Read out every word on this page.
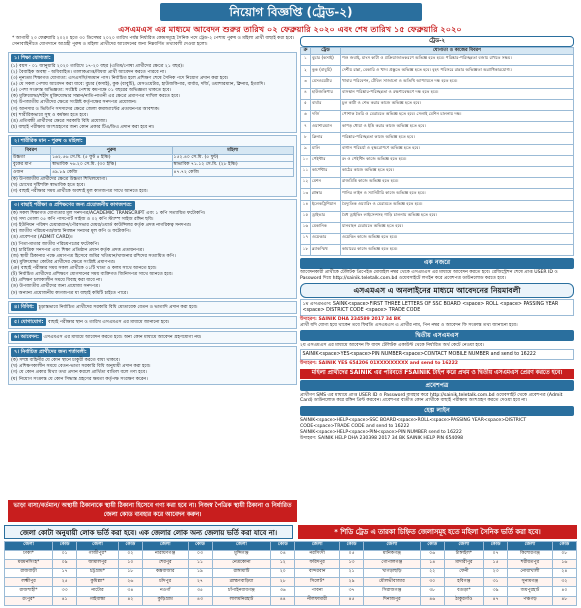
নিয়োগ বিজ্ঞপ্তি (ট্রেড-২)
এসএমএস এর মাধ্যমে আবেদন শুরুর তারিখ ০২ ফেব্রুয়ারি ২০২০ এবং শেষ তারিখ ১৫ ফেব্রুয়ারি ২০২০
* আগামী ২৩ ফেব্রুয়ারি ২০২০ হতে ৩০ ডিসেম্বর ২০২০ তারিখ পর্যন্ত নির্ধারিত কেন্দ্রসমূহে সৈনিক পদে ট্রেড-২ পেশায় পুরুষ ও মহিলা প্রার্থী বাছাই করা হবে। সেনাবাহিনীতে যোগদানে আগ্রহী পুরুষ ও মহিলা প্রার্থীদের আবেদনের জন্য নিম্নবর্ণিত তথ্যাবলী দেওয়া হলো।
১। শিক্ষা যোগ্যতা:
(১) বয়স - ০১ জানুয়ারি ২০২০ তারিখে ১৭-২০ বছর (এতিম/পোষ্য প্রার্থীদের ক্ষেত্রে ২১ বছর)।
(২) বৈবাহিক অবস্থা - অবিবাহিত। তালাকপ্রাপ্ত/বিধবা প্রার্থী আবেদন করতে পারবে না।
(৩) নূন্যতম শিক্ষাগত যোগ্যতা: এসএসসি/সমমান পাস। নির্বাচিত হলে প্রশিক্ষণ শেষে সৈনিক পদে নিয়োগ প্রদান করা হবে।
(৪) যে সকল পেশায় আবেদন করা যাবে: বুচার (কসাই), কুক (বাবুর্চি), মেসওয়েটার, হাউজকিপার, বার্বার, দর্জি, ওয়াশারম্যান, ক্লিনার, ইত্যাদি।
(৫) পেশা সংক্রান্ত অভিজ্ঞতা: সংশ্লিষ্ট পেশায় কমপক্ষে ০১ বছরের অভিজ্ঞতা থাকতে হবে।
(ক) মুক্তিযোদ্ধা/শহীদ মুক্তিযোদ্ধার সন্তান/নাতি-নাতনী এর ক্ষেত্রে প্রমাণপত্র দাখিল করতে হবে।
(খ) উপজাতীয় প্রার্থীদের ক্ষেত্রে সংশ্লিষ্ট কর্তৃপক্ষের সনদপত্র প্রয়োজন।
(গ) আনসার ও ভিডিপি সদস্যদের ক্ষেত্রে জেলা কমান্ড্যান্টের প্রত্যয়নপত্র আবশ্যক।
(ঘ) শারীরিকভাবে সুস্থ ও কর্মক্ষম হতে হবে।
(ঙ) প্রতিবন্ধী প্রার্থীদের ক্ষেত্রে সরকারি বিধি প্রযোজ্য।
(চ) বাছাই পরীক্ষায় অংশগ্রহণের জন্য কোন প্রকার টিএ/ডিএ প্রদান করা হবে না।
২। শারীরিক মান - পুরুষ ও মহিলা:
বিবরণ	পুরুষ	মহিলা
উচ্চতা	১৬২.৫৬ সে.মি. (৫ ফুট ৪ ইঞ্চি)	১৫২.৪০ সে.মি. (৫ ফুট)
বুকের মাপ	স্বাভাবিক ৭৬.২০ সে.মি. (৩০ ইঞ্চি)	স্বাভাবিক ৭১.১২ সে.মি. (২৮ ইঞ্চি)
ওজন	৪৯.৮৯ কেজি	৪৭.৭২ কেজি
(ক) উপজাতীয় প্রার্থীদের ক্ষেত্রে উচ্চতা শিথিলযোগ্য।
(খ) চোখের দৃষ্টিশক্তি স্বাভাবিক হতে হবে।
(গ) বাছাই পরীক্ষার সময় প্রার্থীকে অবশ্যই মূল কাগজপত্র সাথে আনতে হবে।
৩। বাছাই পরীক্ষা ও প্রশিক্ষণের জন্য প্রয়োজনীয় কাগজপত্র:
(ক) সকল শিক্ষাগত যোগ্যতার মূল সনদপত্র/ACADEMIC TRANSCRIPT এবং ১ কপি সত্যায়িত ফটোকপি।
(খ) সদ্য তোলা ০৫ কপি পাসপোর্ট সাইজ ও ০২ কপি স্ট্যাম্প সাইজ রঙ্গিন ছবি।
(গ) ইউনিয়ন পরিষদ চেয়ারম্যান/পৌরসভার মেয়র/ওয়ার্ড কাউন্সিলর কর্তৃক প্রদত্ত নাগরিকত্ব সনদপত্র।
(ঘ) জাতীয় পরিচয়পত্র/জন্ম নিবন্ধন সনদের মূল কপি ও ফটোকপি।
(ঙ) প্রবেশপত্র (ADMIT CARD)।
(চ) পিতা-মাতার জাতীয় পরিচয়পত্রের ফটোকপি।
(ছ) চারিত্রিক সনদপত্র এবং শিক্ষা প্রতিষ্ঠান প্রধান কর্তৃক প্রদত্ত প্রত্যয়নপত্র।
(জ) স্থায়ী ঠিকানার পক্ষে প্রমাণপত্র হিসেবে জমির খতিয়ান/খাজনার রশিদের সত্যায়িত কপি।
(ঝ) মুক্তিযোদ্ধা কোটার প্রার্থীদের ক্ষেত্রে সংশ্লিষ্ট প্রমাণপত্র।
(ঞ) বাছাই পরীক্ষার সময় সকল প্রার্থীকে ০১টি খাতা ও কলম সাথে আনতে হবে।
(ট) নির্বাচিত প্রার্থীদের প্রশিক্ষণে যোগদানের সময় ব্যক্তিগত জিনিসপত্র সাথে আনতে হবে।
(ঠ) প্রশিক্ষণ চলাকালীন সময়ে বিবাহ করা যাবে না।
(ড) উপজাতীয় প্রার্থীদের জন্য প্রযোজ্য সনদপত্র।
(ঢ) অন্যান্য প্রয়োজনীয় কাগজপত্র যা বাছাই কমিটি চাইতে পারে।
৪। বিবিধ: চূড়ান্তভাবে নির্বাচিত প্রার্থীদের সরকারি বিধি মোতাবেক বেতন ও ভাতাদি প্রদান করা হবে।
৫। যোগাযোগ: বাছাই পরীক্ষার স্থান ও তারিখ এসএমএস এর মাধ্যমে জানানো হবে।
৬। আবেদন: এসএমএস এর মাধ্যমে আবেদন করতে হবে। অন্য কোন মাধ্যমে আবেদন গ্রহণযোগ্য নয়।
৭। নির্বাচিত প্রার্থীদের জন্য শর্তাবলী:
(ক) সশস্ত্র বাহিনীর যে কোন স্থানে চাকুরী করতে বাধ্য থাকবে।
(খ) প্রশিক্ষণকালীন সময়ে বেতন-ভাতা সরকারি বিধি অনুযায়ী প্রদান করা হবে।
(গ) যে কোন প্রকার মিথ্যা তথ্য প্রদান করলে প্রার্থিতা বাতিল বলে গণ্য হবে।
(ঘ) নিয়োগ সংক্রান্ত যে কোন সিদ্ধান্ত গ্রহণের ক্ষমতা কর্তৃপক্ষ সংরক্ষণ করেন।
ভাড়া বাসা/বর্তমান/ অস্থায়ী ঠিকানাকে স্থায়ী ঠিকানা হিসেবে গণ্য করা হবে না। নিজস্ব পৈত্রিক স্থায়ী ঠিকানা ও নির্ধারিত জেলা কোড ব্যবহার করে আবেদন করুন।
ট্রেড-২
ক্র	ট্রেড	যোগ্যতা ও কাজের বিবরণ
১	বুচার (কসাই)	পশু জবাই, মাংস কাটা ও প্রক্রিয়াজাতকরণে অভিজ্ঞ হতে হবে। পরিষ্কার-পরিচ্ছন্নতা বজায় রাখতে সক্ষম।
২	কুক (বাবুর্চি)	দেশীয় রান্না, বেকারি ও খাদ্য প্রস্তুতে অভিজ্ঞ হতে হবে। বৃহৎ পরিসরে রান্নার অভিজ্ঞতা অগ্রাধিকারযোগ্য।
৩	মেসওয়েটার	খাবার পরিবেশন, টেবিল সাজানো ও অতিথি আপ্যায়নে দক্ষ হতে হবে।
৪	হাউজকিপার	বাসস্থান পরিষ্কার-পরিচ্ছন্নতা ও রক্ষণাবেক্ষণে দক্ষ হতে হবে।
৫	বার্বার	চুল কাটা ও শেভ করার কাজে অভিজ্ঞ হতে হবে।
৬	দর্জি	পোশাক তৈরি ও মেরামতে অভিজ্ঞ হতে হবে। সেলাই মেশিন চালনায় দক্ষ।
৭	ওয়াশারম্যান	কাপড় ধোয়া ও ইস্ত্রি করার কাজে অভিজ্ঞ হতে হবে।
৮	ক্লিনার	পরিষ্কার-পরিচ্ছন্নতা কাজে অভিজ্ঞ হতে হবে।
৯	মালি	বাগান পরিচর্যা ও বৃক্ষরোপণে অভিজ্ঞ হতে হবে।
১০	পেইন্টার	রং ও পেইন্টিং কাজে অভিজ্ঞ হতে হবে।
১১	কার্পেন্টার	কাঠের কাজে অভিজ্ঞ হতে হবে।
১২	মেশন	রাজমিস্ত্রি কাজে অভিজ্ঞ হতে হবে।
১৩	প্লাম্বার	পানির লাইন ও স্যানিটারি কাজে অভিজ্ঞ হতে হবে।
১৪	ইলেকট্রিশিয়ান	বৈদ্যুতিক ওয়্যারিং ও মেরামতে অভিজ্ঞ হতে হবে।
১৫	ড্রাইভার	বৈধ ড্রাইভিং লাইসেন্সসহ গাড়ি চালনায় অভিজ্ঞ হতে হবে।
১৬	মেকানিক	যানবাহন মেরামতে অভিজ্ঞ হতে হবে।
১৭	ওয়েল্ডার	ওয়েল্ডিং কাজে অভিজ্ঞ হতে হবে।
১৮	ব্ল্যাকস্মিথ	কামারের কাজে অভিজ্ঞ হতে হবে।
এক নজরে
আবেদনকারী প্রার্থীকে টেলিটক প্রিপেইড মোবাইল নম্বর থেকে এসএমএস এর মাধ্যমে আবেদন করতে হবে। রেজিস্ট্রেশন শেষে প্রাপ্ত USER ID ও Password দিয়ে http://sainik.teletalk.com.bd ওয়েবসাইটে লগইন করে প্রবেশপত্র ডাউনলোড করতে হবে।
এসএমএস এ অনলাইনের মাধ্যমে আবেদনের নিয়মাবলী
১ম এসএমএস: SAINK<space>FIRST THREE LETTERS OF SSC BOARD <space> ROLL <space> PASSING YEAR <space> DISTRICT CODE <space> TRADE CODE
উদাহরণ: SAINIK DHA 234589 2017 34 BK
প্রার্থী যদি যোগ্য হয়ে থাকেন তবে ফিরতি এসএমএস এ প্রার্থীর নাম, পিন নম্বর ও আবেদন ফি সংক্রান্ত তথ্য জানানো হবে।
দ্বিতীয় এসএমএস
২য় এসএমএস এর মাধ্যমে আবেদন ফি বাবদ টেলিটক একাউন্ট থেকে নির্ধারিত অর্থ কেটে নেওয়া হবে।
SAINIK<space>YES<space>PIN NUMBER<space>CONTACT MOBILE NUMBER and send to 16222
উদাহরণ: SAINIK YES 654206 01XXXXXXXXX and send to 16222
মহিলা প্রার্থীদের SAINIK এর পরিবর্তে FSAINIK টাইপ করে প্রথম ও দ্বিতীয় এসএমএস প্রেরণ করতে হবে।
প্রবেশপত্র
প্রার্থীগণ SMS এর মাধ্যমে প্রাপ্ত USER ID ও Password ব্যবহার করে http://sainik.teletalk.com.bd ওয়েবসাইট থেকে প্রবেশপত্র (Admit Card) ডাউনলোড করে রঙ্গিন প্রিন্ট করবেন। প্রবেশপত্র ব্যতীত কোন প্রার্থীকে বাছাই পরীক্ষায় অংশগ্রহণ করতে দেওয়া হবে না।
হেল্প লাইন
SAINIK<space>HELP<space>SSC BOARD<space>ROLL<space>PASSING YEAR<space>DISTRICT CODE<space>TRADE CODE and send to 16222
SAINIK<space>HELP<space>PIN<space>PIN NUMBER send to 16222
উদাহরণ: SAINIK HELP DHA 230398 2017 34 BK SAINIK HELP PIN 654098
জেলা কোটা অনুযায়ী লোক ভর্তি করা হবে। এক জেলার লোক অন্য জেলায় ভর্তি করা যাবে না।	* শিডি ট্রেড এ তারকা চিহ্নিত জেলাসমূহ হতে মহিলা সৈনিক ভর্তি করা হবে।
জেলা	কোড	জেলা	কোড	জেলা	কোড	জেলা	কোড	জেলা	কোড	জেলা	কোড	জেলা	কোড	জেলা	কোড
ঢাকা*	০১	গাজীপুর*	০২	নারায়ণগঞ্জ	০৩	মুন্সিগঞ্জ	০৪	নরসিংদী	০৫	মানিকগঞ্জ	০৬	টাঙ্গাইল*	০৭	কিশোরগঞ্জ	০৮
ময়মনসিংহ*	০৯	জামালপুর	১০	শেরপুর	১১	নেত্রকোনা	১২	ফরিদপুর	১৩	গোপালগঞ্জ	১৪	মাদারীপুর	১৫	শরীয়তপুর	১৬
রাজবাড়ী	১৭	চট্টগ্রাম*	১৮	কক্সবাজার	১৯	রাঙ্গামাটি	২০	বান্দরবান	২১	খাগড়াছড়ি	২২	ফেনী	২৩	নোয়াখালী	২৪
লক্ষ্মীপুর	২৫	কুমিল্লা*	২৬	চাঁদপুর	২৭	ব্রাহ্মণবাড়িয়া	২৮	সিলেট*	২৯	মৌলভীবাজার	৩০	হবিগঞ্জ	৩১	সুনামগঞ্জ	৩২
রাজশাহী*	৩৩	নাটোর	৩৪	নওগাঁ	৩৫	চাঁপাইনবাবগঞ্জ	৩৬	পাবনা	৩৭	সিরাজগঞ্জ	৩৮	বগুড়া*	৩৯	জয়পুরহাট	৪০
রংপুর*	৪১	গাইবান্ধা	৪২	কুড়িগ্রাম	৪৩	লালমনিরহাট	৪৪	নীলফামারী	৪৫	দিনাজপুর	৪৬	ঠাকুরগাঁও	৪৭	পঞ্চগড়	৪৮
